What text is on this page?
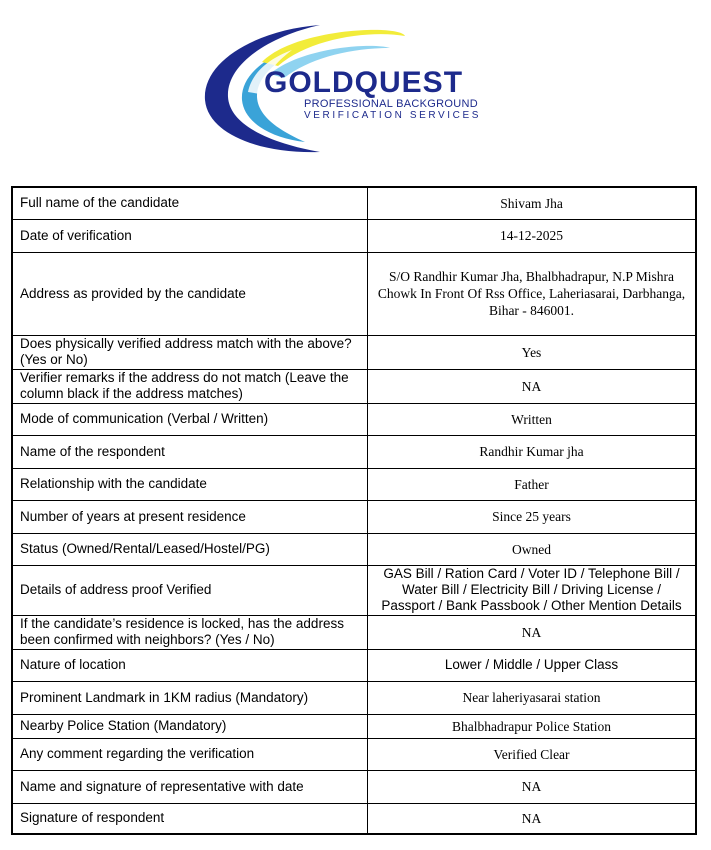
GOLDQUEST
PROFESSIONAL BACKGROUND
VERIFICATION SERVICES
Full name of the candidate	Shivam Jha
Date of verification	14-12-2025
Address as provided by the candidate	S/O Randhir Kumar Jha, Bhalbhadrapur, N.P Mishra Chowk In Front Of Rss Office, Laheriasarai, Darbhanga, Bihar - 846001.
Does physically verified address match with the above? (Yes or No)	Yes
Verifier remarks if the address do not match (Leave the column black if the address matches)	NA
Mode of communication (Verbal / Written)	Written
Name of the respondent	Randhir Kumar jha
Relationship with the candidate	Father
Number of years at present residence	Since 25 years
Status (Owned/Rental/Leased/Hostel/PG)	Owned
Details of address proof Verified	GAS Bill / Ration Card / Voter ID / Telephone Bill / Water Bill / Electricity Bill / Driving License / Passport / Bank Passbook / Other Mention Details
If the candidate’s residence is locked, has the address been confirmed with neighbors? (Yes / No)	NA
Nature of location	Lower / Middle / Upper Class
Prominent Landmark in 1KM radius (Mandatory)	Near laheriyasarai station
Nearby Police Station (Mandatory)	Bhalbhadrapur Police Station
Any comment regarding the verification	Verified Clear
Name and signature of representative with date	NA
Signature of respondent	NA
